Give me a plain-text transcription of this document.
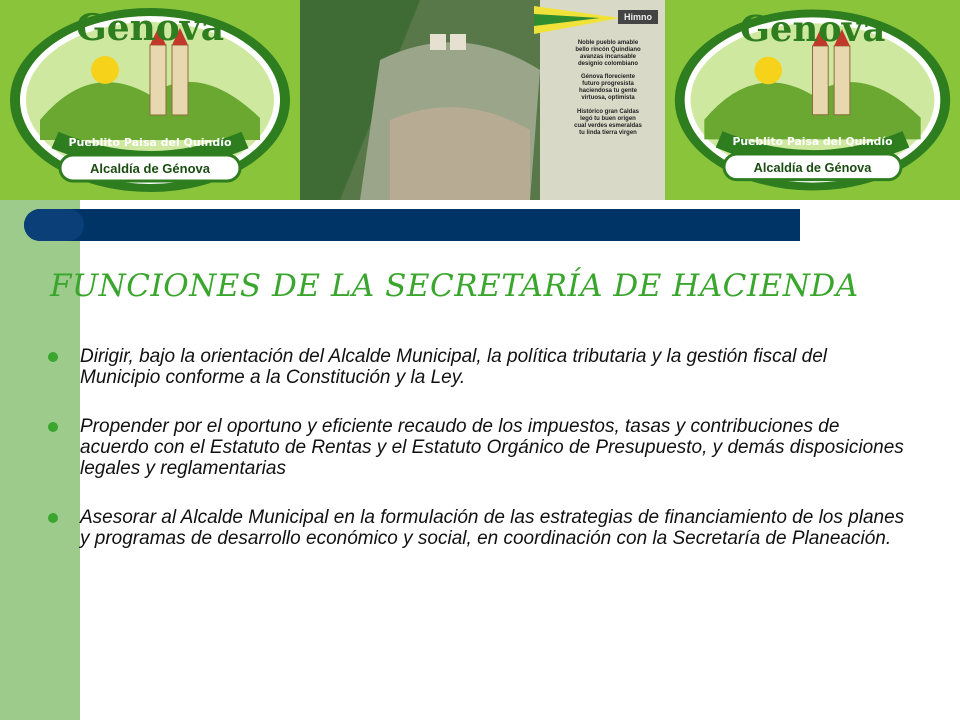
Génova
Pueblito Paisa del Quindío
Alcaldía de Génova
Himno
Noble pueblo amable
bello rincón Quindiano
avanzas incansable
designio colombiano

Génova floreciente
futuro progresista
haciendosa tu gente
virtuosa, optimista

Histórico gran Caldas
legó tu buen origen
cual verdes esmeraldas
tu linda tierra virgen
Génova
Pueblito Paisa del Quindío
Alcaldía de Génova
FUNCIONES DE LA SECRETARÍA DE HACIENDA
Dirigir, bajo la orientación del Alcalde Municipal, la política tributaria y la gestión fiscal del Municipio conforme a la Constitución y la Ley.
Propender por el oportuno y eficiente recaudo de los impuestos, tasas y contribuciones de acuerdo con el Estatuto de Rentas y el Estatuto Orgánico de Presupuesto, y demás disposiciones legales y reglamentarias
Asesorar al Alcalde Municipal en la formulación de las estrategias de financiamiento de los planes y programas de desarrollo económico y social, en coordinación con la Secretaría de Planeación.
